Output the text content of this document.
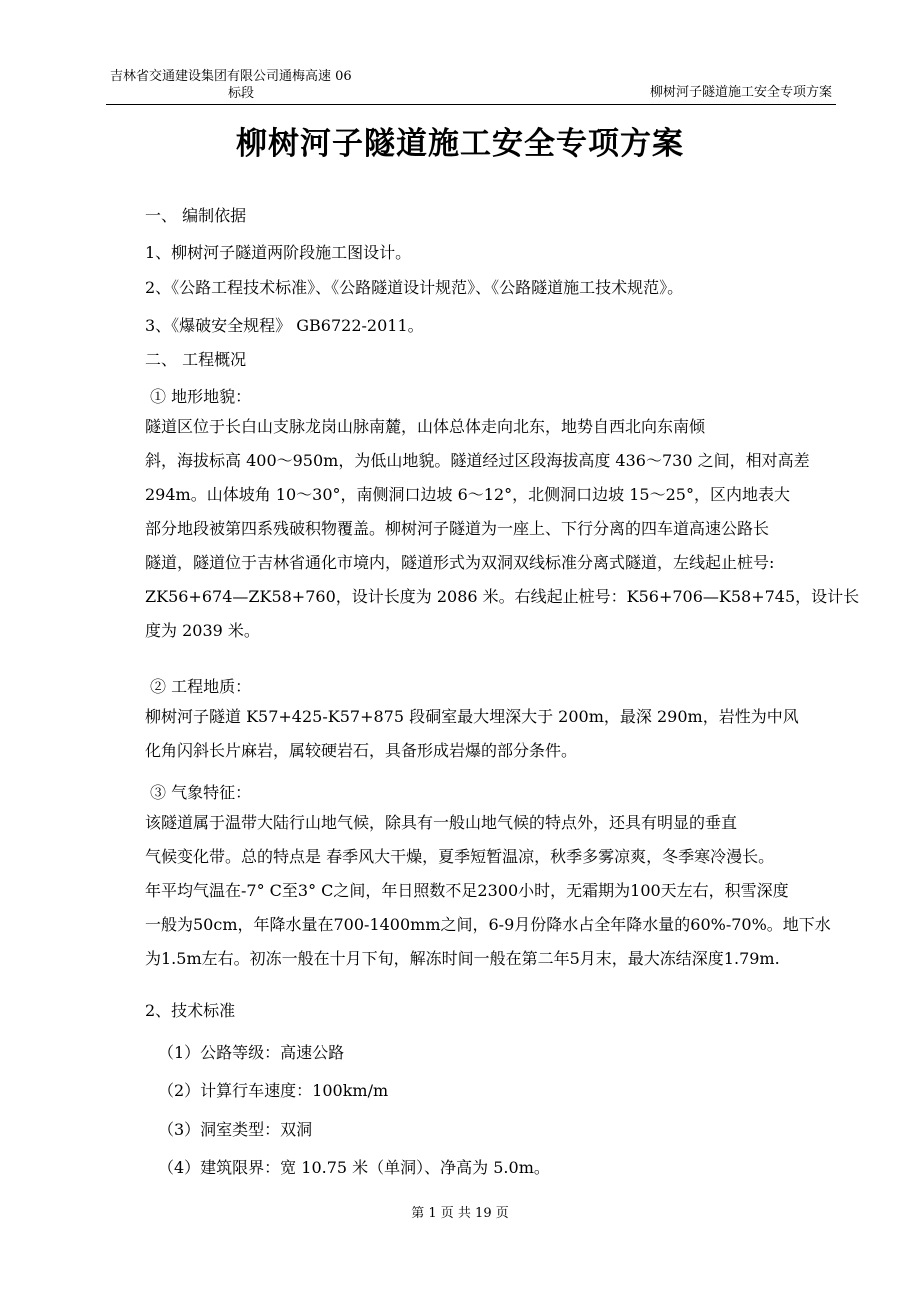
吉林省交通建设集团有限公司通梅高速 06
标段	柳树河子隧道施工安全专项方案
柳树河子隧道施工安全专项方案
一、 编制依据
1、柳树河子隧道两阶段施工图设计。
2、《公路工程技术标准》、《公路隧道设计规范》、《公路隧道施工技术规范》。
3、《爆破安全规程》 GB6722-2011。
二、 工程概况
① 地形地貌：
隧道区位于长白山支脉龙岗山脉南麓，山体总体走向北东，地势自西北向东南倾
斜，海拔标高 400～950m，为低山地貌。隧道经过区段海拔高度 436～730 之间，相对高差
294m。山体坡角 10～30°，南侧洞口边坡 6～12°，北侧洞口边坡 15～25°，区内地表大
部分地段被第四系残破积物覆盖。柳树河子隧道为一座上、下行分离的四车道高速公路长
隧道，隧道位于吉林省通化市境内，隧道形式为双洞双线标准分离式隧道，左线起止桩号:
ZK56+674—ZK58+760，设计长度为 2086 米。右线起止桩号：K56+706—K58+745，设计长
度为 2039 米。
② 工程地质：
柳树河子隧道 K57+425-K57+875 段硐室最大埋深大于 200m，最深 290m，岩性为中风
化角闪斜长片麻岩，属较硬岩石，具备形成岩爆的部分条件。
③ 气象特征：
该隧道属于温带大陆行山地气候，除具有一般山地气候的特点外，还具有明显的垂直
气候变化带。总的特点是 春季风大干燥，夏季短暂温凉，秋季多雾凉爽，冬季寒冷漫长。
年平均气温在-7° C至3° C之间，年日照数不足2300小时，无霜期为100天左右，积雪深度
一般为50cm，年降水量在700-1400mm之间，6-9月份降水占全年降水量的60%-70%。地下水
为1.5m左右。初冻一般在十月下旬，解冻时间一般在第二年5月末，最大冻结深度1.79m.
2、技术标准
（1）公路等级：高速公路
（2）计算行车速度：100km/m
（3）洞室类型：双洞
（4）建筑限界：宽 10.75 米（单洞）、净高为 5.0m。
第 1 页 共 19 页
